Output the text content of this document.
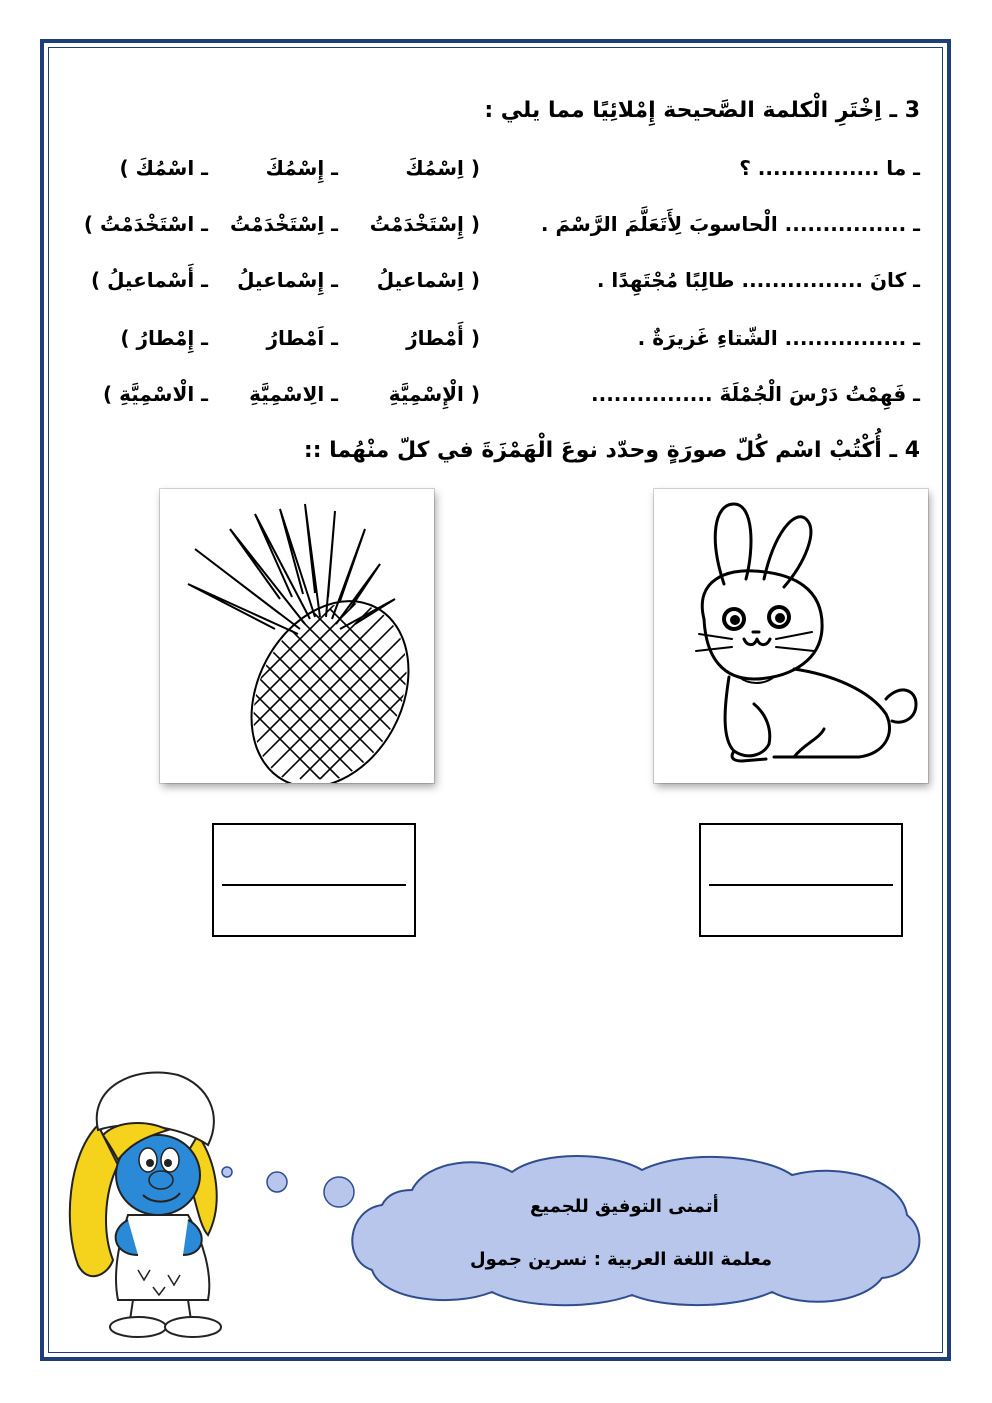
3 ـ اِخْتَرِ الْكلمة الصَّحيحة إِمْلائِيًا مما يلي :
ـ ما ................ ؟
( اِسْمُكَ
ـ إِسْمُكَ
ـ اسْمُكَ )
ـ ................ الْحاسوبَ لِأَتَعَلَّمَ الرَّسْمَ .
( إِسْتَخْدَمْتُ
ـ اِسْتَخْدَمْتُ
ـ اسْتَخْدَمْتُ )
ـ كانَ ................ طالِبًا مُجْتَهِدًا .
( اِسْماعيلُ
ـ إِسْماعيلُ
ـ أَسْماعيلُ )
ـ ................ الشّتاءِ غَزيرَةٌ .
( أَمْطارُ
ـ اَمْطارُ
ـ إِمْطارُ )
ـ فَهِمْتُ دَرْسَ الْجُمْلَةَ ................
( الْإِسْمِيَّةِ
ـ الِاسْمِيَّةِ
ـ الْاسْمِيَّةِ )
4 ـ أُكْتُبْ اسْم كُلّ صورَةٍ وحدّد نوعَ الْهَمْزَةَ في كلّ منْهُما ::
أتمنى التوفيق للجميع
معلمة اللغة العربية : نسرين جمول
